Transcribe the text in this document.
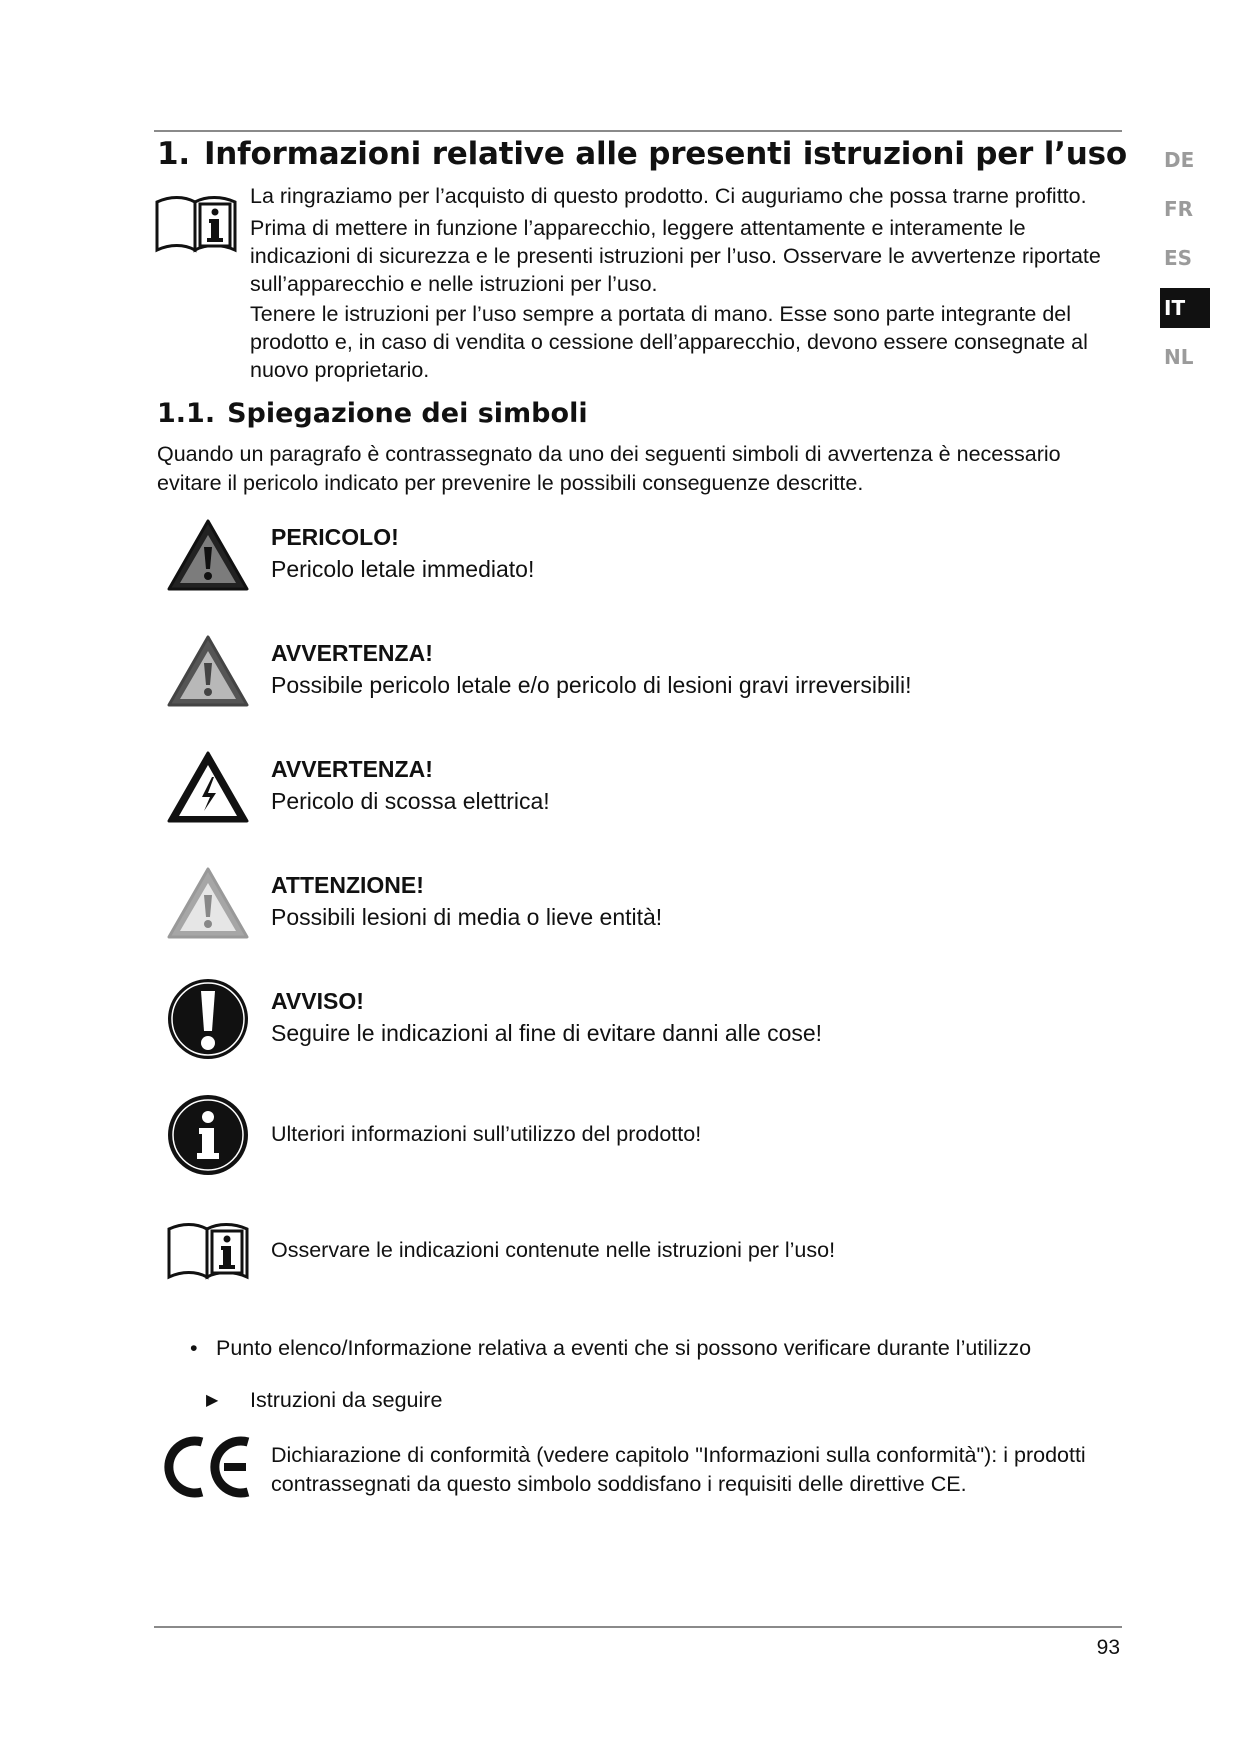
1. Informazioni relative alle presenti istruzioni per l’uso

La ringraziamo per l’acquisto di questo prodotto. Ci auguriamo che possa trarne profitto.

Prima di mettere in funzione l’apparecchio, leggere attentamente e interamente le indicazioni di sicurezza e le presenti istruzioni per l’uso. Osservare le avvertenze riportate sull’apparecchio e nelle istruzioni per l’uso.

Tenere le istruzioni per l’uso sempre a portata di mano. Esse sono parte integrante del prodotto e, in caso di vendita o cessione dell’apparecchio, devono essere consegnate al nuovo proprietario.

1.1. Spiegazione dei simboli

Quando un paragrafo è contrassegnato da uno dei seguenti simboli di avvertenza è necessario evitare il pericolo indicato per prevenire le possibili conseguenze descritte.

PERICOLO!
Pericolo letale immediato!
AVVERTENZA!
Possibile pericolo letale e/o pericolo di lesioni gravi irreversibili!
AVVERTENZA!
Pericolo di scossa elettrica!
ATTENZIONE!
Possibili lesioni di media o lieve entità!
AVVISO!
Seguire le indicazioni al fine di evitare danni alle cose!
Ulteriori informazioni sull’utilizzo del prodotto!
Osservare le indicazioni contenute nelle istruzioni per l’uso!
• Punto elenco/Informazione relativa a eventi che si possono verificare durante l’utilizzo
▶ Istruzioni da seguire
Dichiarazione di conformità (vedere capitolo "Informazioni sulla conformità"): i prodotti contrassegnati da questo simbolo soddisfano i requisiti delle direttive CE.
DE
FR
ES
IT
NL
93
